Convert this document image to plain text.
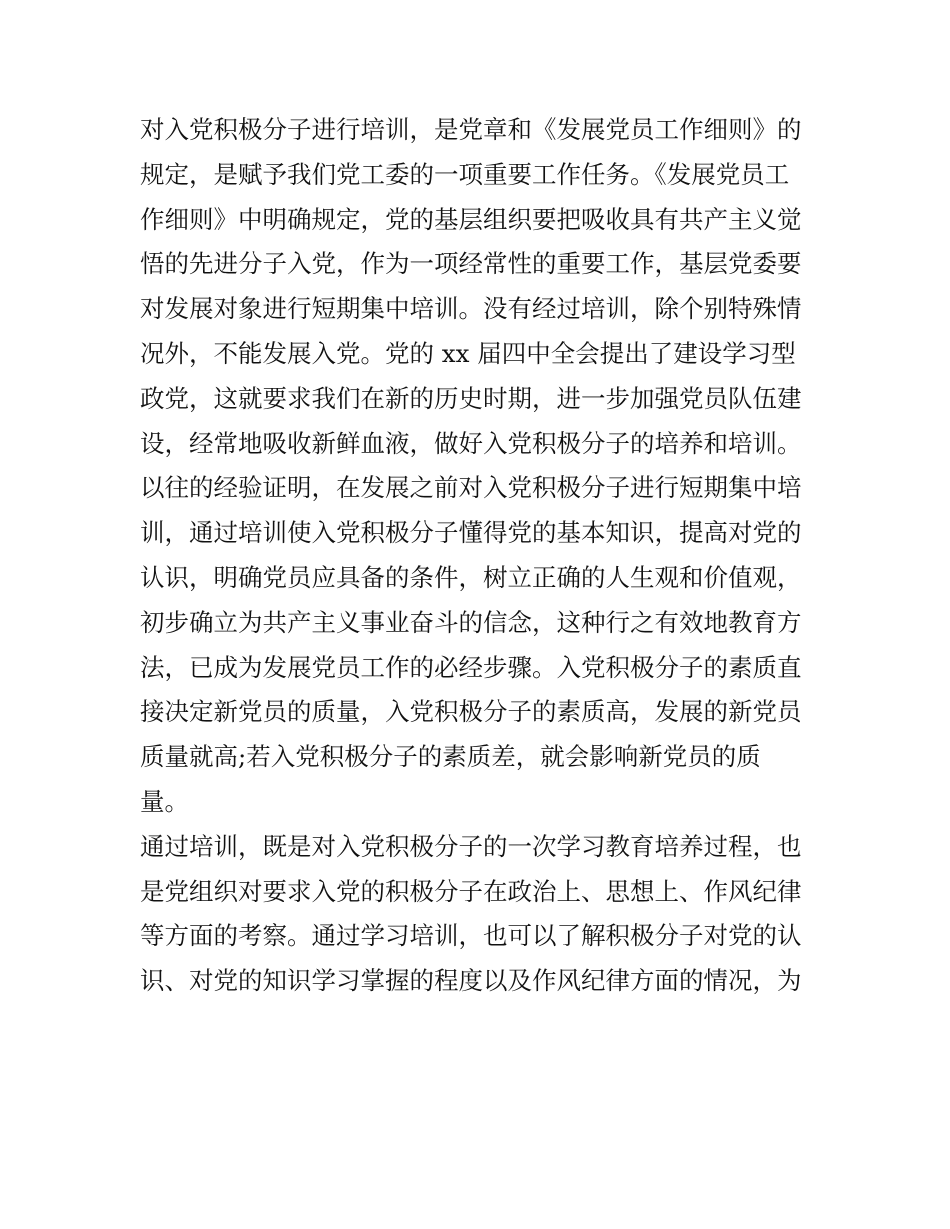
对入党积极分子进行培训，是党章和《发展党员工作细则》的
规定，是赋予我们党工委的一项重要工作任务。《发展党员工
作细则》中明确规定，党的基层组织要把吸收具有共产主义觉
悟的先进分子入党，作为一项经常性的重要工作，基层党委要
对发展对象进行短期集中培训。没有经过培训，除个别特殊情
况外，不能发展入党。党的 xx 届四中全会提出了建设学习型
政党，这就要求我们在新的历史时期，进一步加强党员队伍建
设，经常地吸收新鲜血液，做好入党积极分子的培养和培训。
以往的经验证明，在发展之前对入党积极分子进行短期集中培
训，通过培训使入党积极分子懂得党的基本知识，提高对党的
认识，明确党员应具备的条件，树立正确的人生观和价值观，
初步确立为共产主义事业奋斗的信念，这种行之有效地教育方
法，已成为发展党员工作的必经步骤。入党积极分子的素质直
接决定新党员的质量，入党积极分子的素质高，发展的新党员
质量就高;若入党积极分子的素质差，就会影响新党员的质
量。
通过培训，既是对入党积极分子的一次学习教育培养过程，也
是党组织对要求入党的积极分子在政治上、思想上、作风纪律
等方面的考察。通过学习培训，也可以了解积极分子对党的认
识、对党的知识学习掌握的程度以及作风纪律方面的情况，为
